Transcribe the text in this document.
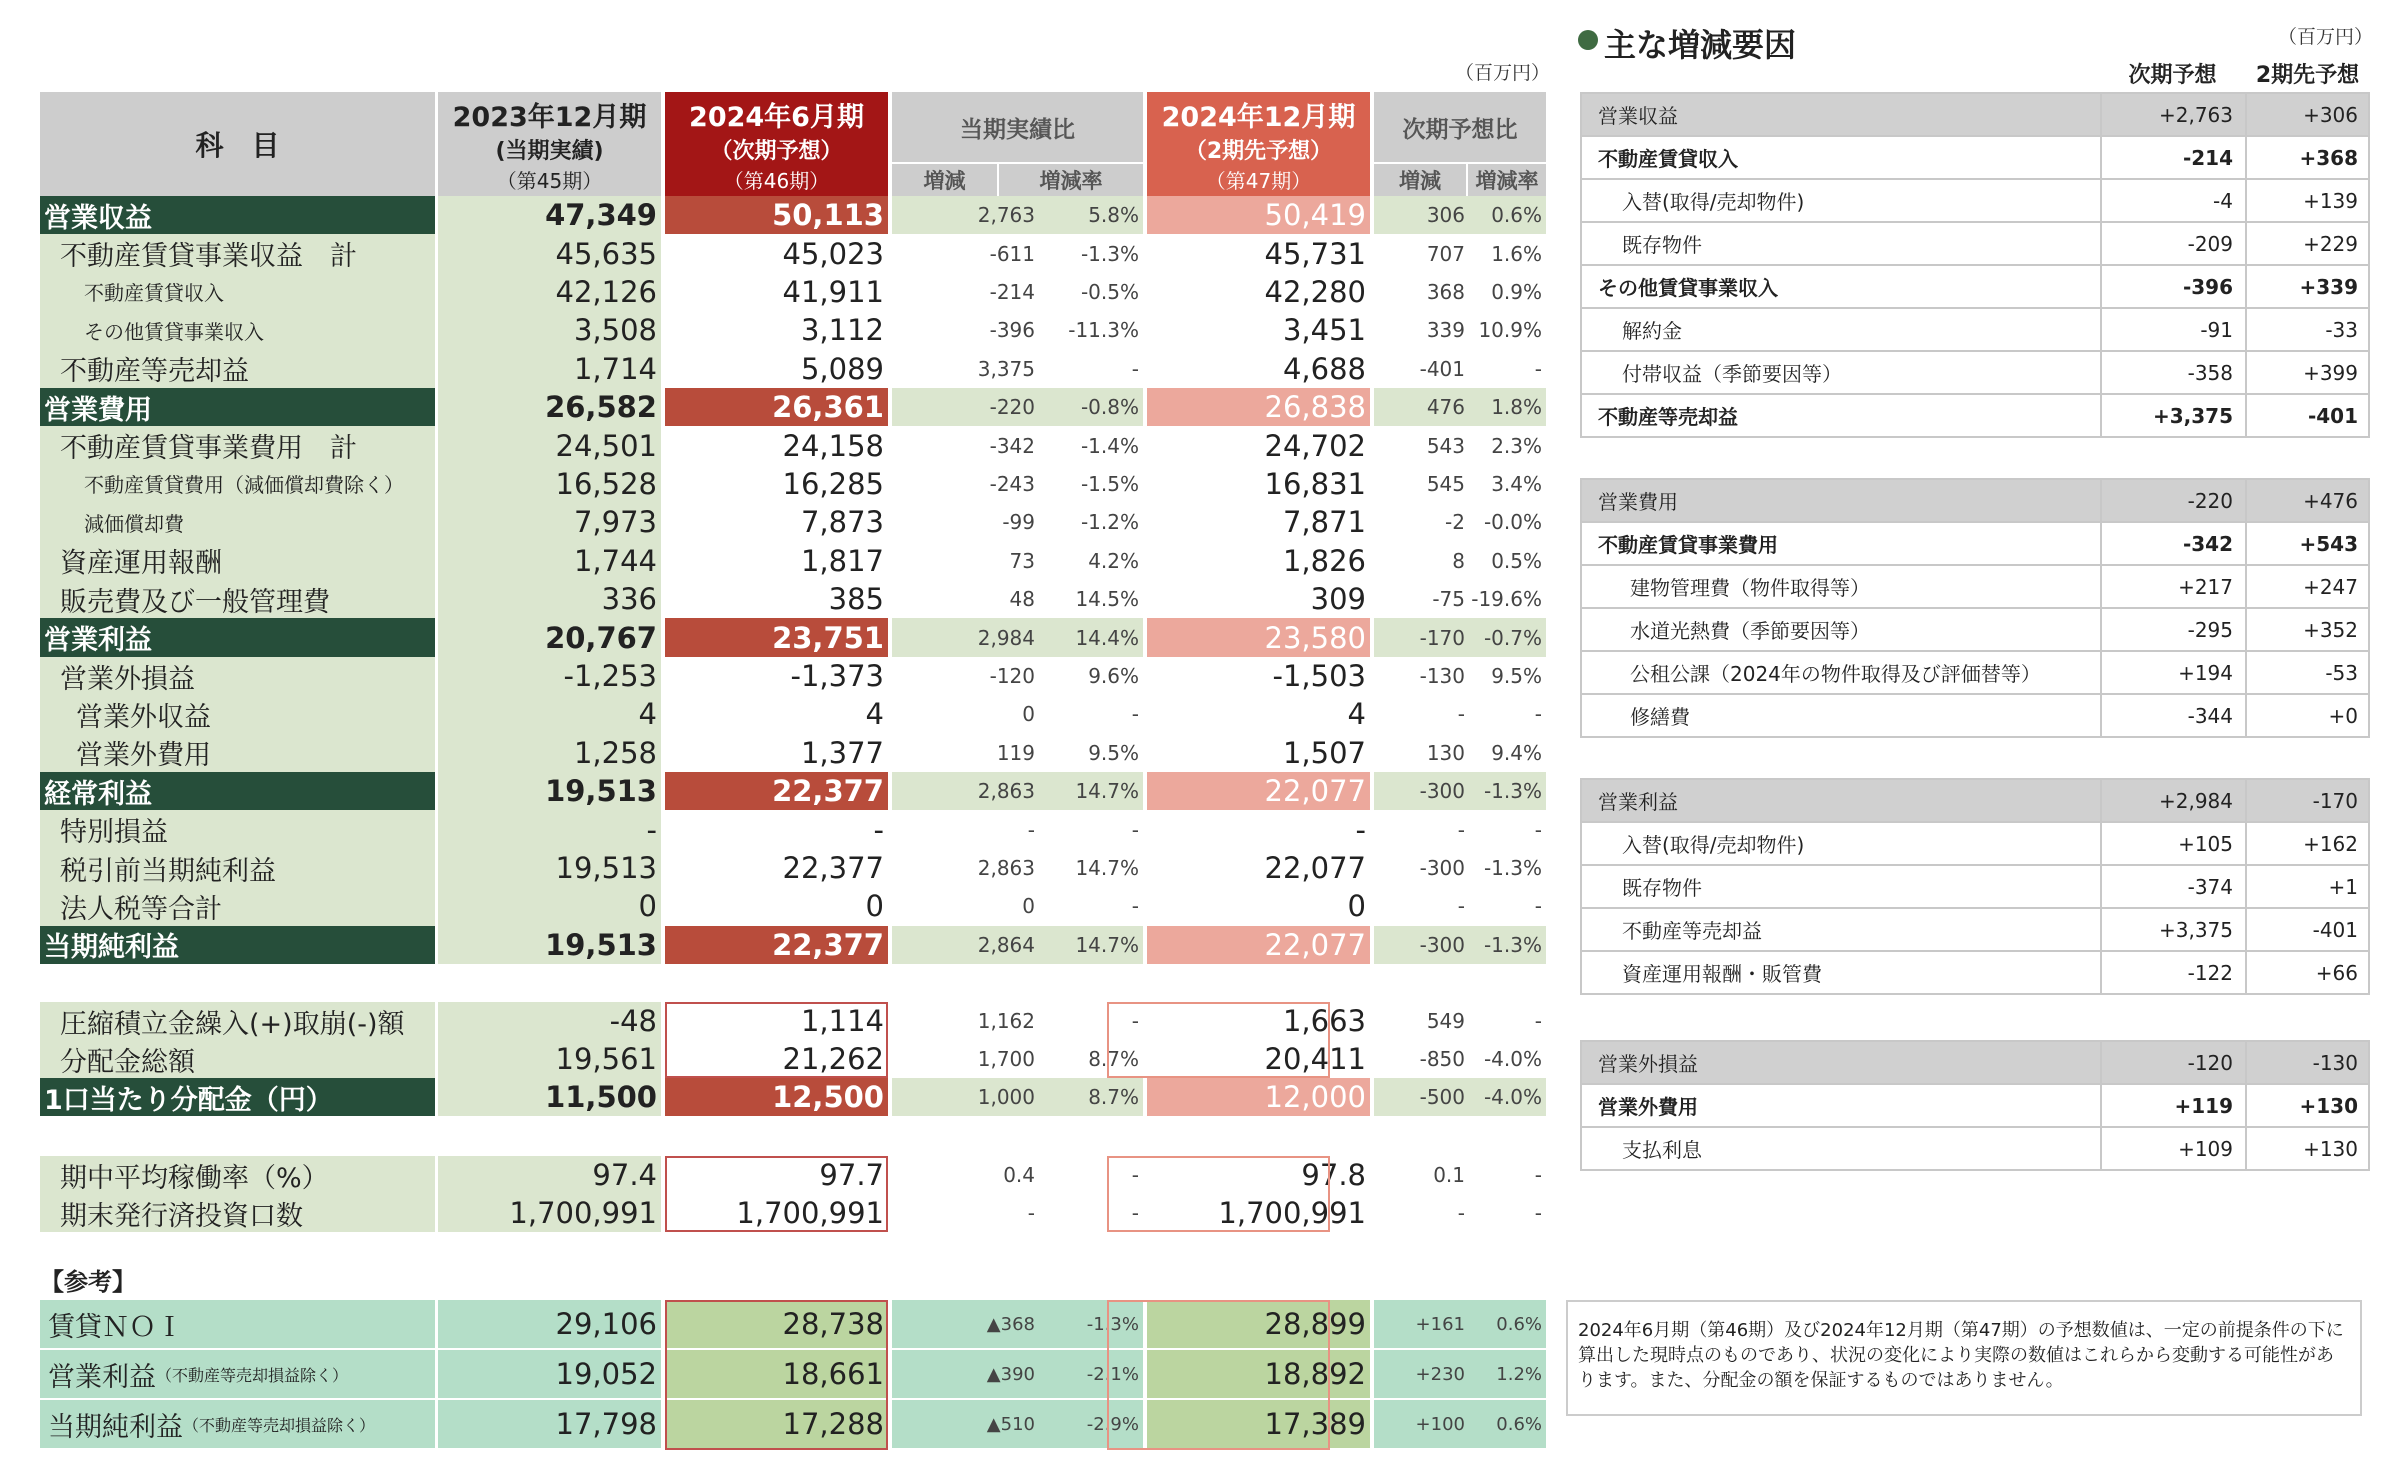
（百万円）
科　目
2023年12月期
(当期実績)
（第45期）
2024年6月期
（次期予想）
（第46期）
当期実績比
増減	増減率
2024年12月期
（2期先予想）
（第47期）
次期予想比
増減 増減率
営業収益	47,349	50,113	2,763	5.8%	50,419	306	0.6%
不動産賃貸事業収益　計	45,635	45,023	-611	-1.3%	45,731	707	1.6%
不動産賃貸収入	42,126	41,911	-214	-0.5%	42,280	368	0.9%
その他賃貸事業収入	3,508	3,112	-396	-11.3%	3,451	339 10.9%
不動産等売却益	1,714	5,089	3,375	-	4,688	-401	-
営業費用	26,582	26,361	-220	-0.8%	26,838	476	1.8%
不動産賃貸事業費用　計	24,501	24,158	-342	-1.4%	24,702	543	2.3%
不動産賃貸費用（減価償却費除く）	16,528	16,285	-243	-1.5%	16,831	545	3.4%
減価償却費	7,973	7,873	-99	-1.2%	7,871	-2 -0.0%
資産運用報酬	1,744	1,817	73	4.2%	1,826	8	0.5%
販売費及び一般管理費	336	385	48	14.5%	309	-75 -19.6%
営業利益	20,767	23,751	2,984	14.4%	23,580	-170 -0.7%
営業外損益	-1,253	-1,373	-120	9.6%	-1,503	-130	9.5%
営業外収益	4	4	0	-	4	-	-
営業外費用	1,258	1,377	119	9.5%	1,507	130	9.4%
経常利益	19,513	22,377	2,863	14.7%	22,077	-300 -1.3%
特別損益	-	-	-	-	-	-	-
税引前当期純利益	19,513	22,377	2,863	14.7%	22,077	-300 -1.3%
法人税等合計	0	0	0	-	0	-	-
当期純利益	19,513	22,377	2,864	14.7%	22,077	-300 -1.3%
圧縮積立金繰入(+)取崩(-)額	-48	1,114	1,162	-	1,663	549	-
分配金総額	19,561	21,262	1,700	8.7%	20,411	-850 -4.0%
1口当たり分配金（円）	11,500	12,500	1,000	8.7%	12,000	-500 -4.0%
期中平均稼働率（%）	97.4	97.7	0.4	-	97.8	0.1	-
期末発行済投資口数	1,700,991	1,700,991	-	-	1,700,991	-	-
【参考】
賃貸ＮＯＩ	29,106	28,738	▲368	-1.3%	28,899	+161	0.6%
営業利益 （不動産等売却損益除く）	19,052	18,661	▲390	-2.1%	18,892	+230	1.2%
当期純利益 （不動産等売却損益除く）	17,798	17,288	▲510	-2.9%	17,389	+100	0.6%
主な増減要因	（百万円）
次期予想	2期先予想
営業収益	+2,763	+306
不動産賃貸収入	-214	+368
入替(取得/売却物件)	-4	+139
既存物件	-209	+229
その他賃貸事業収入	-396	+339
解約金	-91	-33
付帯収益（季節要因等）	-358	+399
不動産等売却益	+3,375	-401
営業費用	-220	+476
不動産賃貸事業費用	-342	+543
建物管理費（物件取得等）	+217	+247
水道光熱費（季節要因等）	-295	+352
公租公課（2024年の物件取得及び評価替等）	+194	-53
修繕費	-344	+0
営業利益	+2,984	-170
入替(取得/売却物件)	+105	+162
既存物件	-374	+1
不動産等売却益	+3,375	-401
資産運用報酬・販管費	-122	+66
営業外損益	-120	-130
営業外費用	+119	+130
支払利息	+109	+130
2024年6月期（第46期）及び2024年12月期（第47期）の予想数値は、一定の前提条件の下に算出した現時点のものであり、状況の変化により実際の数値はこれらから変動する可能性があります。また、分配金の額を保証するものではありません。
